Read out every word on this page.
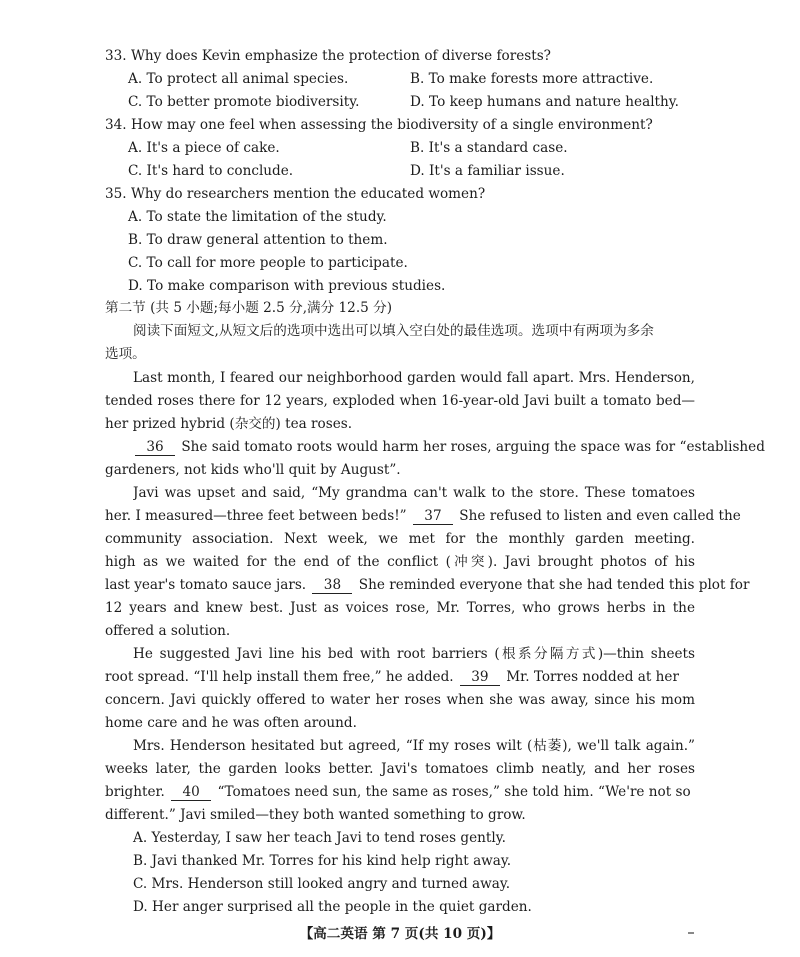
33. Why does Kevin emphasize the protection of diverse forests?
A. To protect all animal species.	B. To make forests more attractive.
C. To better promote biodiversity.	D. To keep humans and nature healthy.
34. How may one feel when assessing the biodiversity of a single environment?
A. It's a piece of cake.	B. It's a standard case.
C. It's hard to conclude.	D. It's a familiar issue.
35. Why do researchers mention the educated women?
A. To state the limitation of the study.
B. To draw general attention to them.
C. To call for more people to participate.
D. To make comparison with previous studies.
第二节 (共 5 小题;每小题 2.5 分,满分 12.5 分)
阅读下面短文,从短文后的选项中选出可以填入空白处的最佳选项。选项中有两项为多余
选项。
Last month, I feared our neighborhood garden would fall apart. Mrs. Henderson,
tended roses there for 12 years, exploded when 16-year-old Javi built a tomato bed—
her prized hybrid (杂交的) tea roses.
36 She said tomato roots would harm her roses, arguing the space was for “established
gardeners, not kids who'll quit by August”.
Javi was upset and said, “My grandma can't walk to the store. These tomatoes
her. I measured—three feet between beds!” 37 She refused to listen and even called the
community association. Next week, we met for the monthly garden meeting.
high as we waited for the end of the conflict (冲突). Javi brought photos of his
last year's tomato sauce jars. 38 She reminded everyone that she had tended this plot for
12 years and knew best. Just as voices rose, Mr. Torres, who grows herbs in the
offered a solution.
He suggested Javi line his bed with root barriers (根系分隔方式)—thin sheets
root spread. “I'll help install them free,” he added. 39 Mr. Torres nodded at her
concern. Javi quickly offered to water her roses when she was away, since his mom
home care and he was often around.
Mrs. Henderson hesitated but agreed, “If my roses wilt (枯萎), we'll talk again.”
weeks later, the garden looks better. Javi's tomatoes climb neatly, and her roses
brighter. 40 “Tomatoes need sun, the same as roses,” she told him. “We're not so
different.” Javi smiled—they both wanted something to grow.
A. Yesterday, I saw her teach Javi to tend roses gently.
B. Javi thanked Mr. Torres for his kind help right away.
C. Mrs. Henderson still looked angry and turned away.
D. Her anger surprised all the people in the quiet garden.
【高二英语 第 7 页(共 10 页)】
